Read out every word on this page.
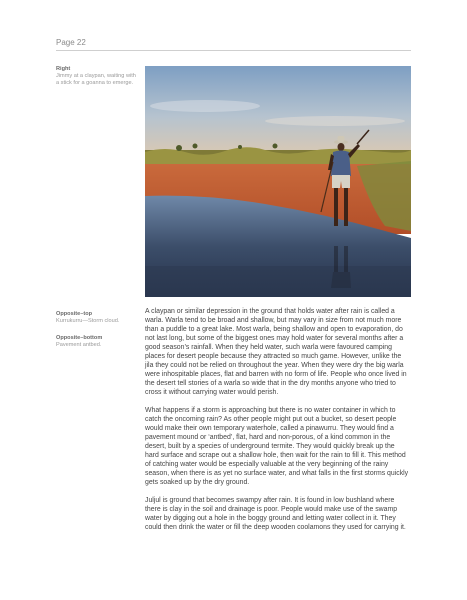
Page 22
Right
Jimmy at a claypan, waiting with a stick for a goanna to emerge.
Opposite–top
Kurrukurru—Storm cloud.
Opposite–bottom
Pavement antbed.

A claypan or similar depression in the ground that holds water after rain is called a warla. Warla tend to be broad and shallow, but may vary in size from not much more than a puddle to a great lake. Most warla, being shallow and open to evaporation, do not last long, but some of the biggest ones may hold water for several months after a good season’s rainfall. When they held water, such warla were favoured camping places for desert people because they attracted so much game. However, unlike the jila they could not be relied on throughout the year. When they were dry the big warla were inhospitable places, flat and barren with no form of life. People who once lived in the desert tell stories of a warla so wide that in the dry months anyone who tried to cross it without carrying water would perish.

What happens if a storm is approaching but there is no water container in which to catch the oncoming rain? As other people might put out a bucket, so desert people would make their own temporary waterhole, called a pinawurru. They would find a pavement mound or ‘antbed’, flat, hard and non-porous, of a kind common in the desert, built by a species of underground termite. They would quickly break up the hard surface and scrape out a shallow hole, then wait for the rain to fill it. This method of catching water would be especially valuable at the very beginning of the rainy season, when there is as yet no surface water, and what falls in the first storms quickly gets soaked up by the dry ground.

Juljul is ground that becomes swampy after rain. It is found in low bushland where there is clay in the soil and drainage is poor. People would make use of the swamp water by digging out a hole in the boggy ground and letting water collect in it. They could then drink the water or fill the deep wooden coolamons they used for carrying it.
